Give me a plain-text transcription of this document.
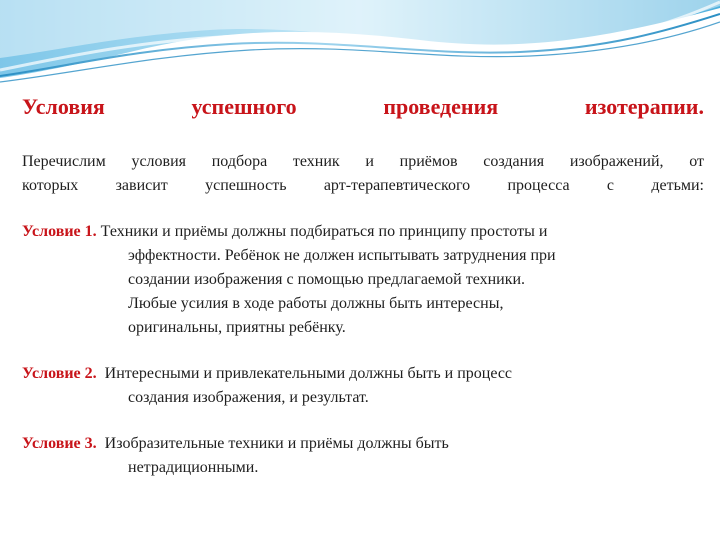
Условия успешного проведения изотерапии.
Перечислим условия подбора техник и приёмов создания изображений, от
которых зависит успешность арт-терапевтического процесса с детьми:
Условие 1. Техники и приёмы должны подбираться по принципу простоты и
эффектности. Ребёнок не должен испытывать затруднения при
создании изображения с помощью предлагаемой техники.
Любые усилия в ходе работы должны быть интересны,
оригинальны, приятны ребёнку.
Условие 2. Интересными и привлекательными должны быть и процесс
создания изображения, и результат.
Условие 3. Изобразительные техники и приёмы должны быть
нетрадиционными.
